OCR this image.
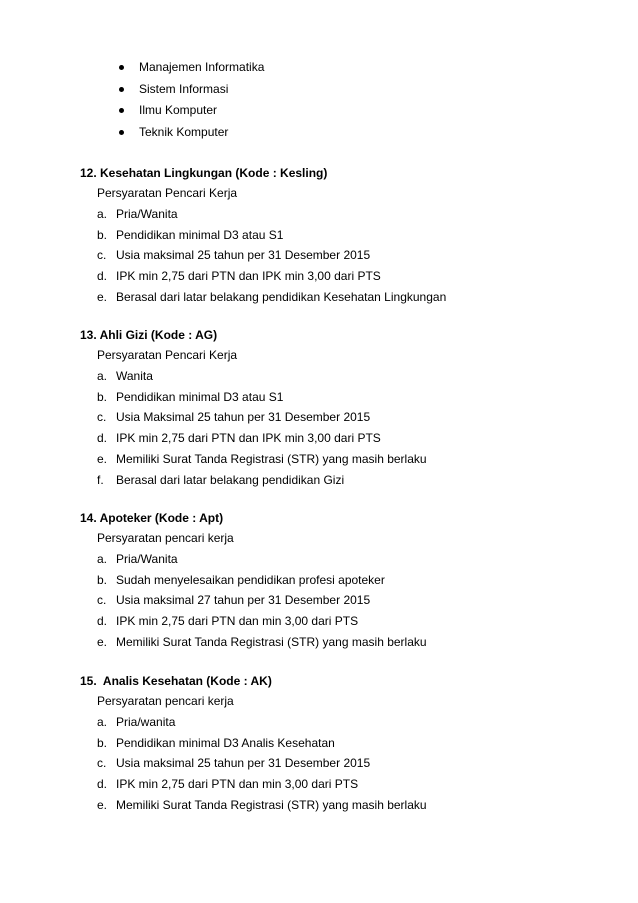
Manajemen Informatika
Sistem Informasi
Ilmu Komputer
Teknik Komputer
12. Kesehatan Lingkungan (Kode : Kesling)
Persyaratan Pencari Kerja
a. Pria/Wanita
b. Pendidikan minimal D3 atau S1
c. Usia maksimal 25 tahun per 31 Desember 2015
d. IPK min 2,75 dari PTN dan IPK min 3,00 dari PTS
e. Berasal dari latar belakang pendidikan Kesehatan Lingkungan
13. Ahli Gizi (Kode : AG)
Persyaratan Pencari Kerja
a. Wanita
b. Pendidikan minimal D3 atau S1
c. Usia Maksimal 25 tahun per 31 Desember 2015
d. IPK min 2,75 dari PTN dan IPK min 3,00 dari PTS
e. Memiliki Surat Tanda Registrasi (STR) yang masih berlaku
f. Berasal dari latar belakang pendidikan Gizi
14. Apoteker (Kode : Apt)
Persyaratan pencari kerja
a. Pria/Wanita
b. Sudah menyelesaikan pendidikan profesi apoteker
c. Usia maksimal 27 tahun per 31 Desember 2015
d. IPK min 2,75 dari PTN dan min 3,00 dari PTS
e. Memiliki Surat Tanda Registrasi (STR) yang masih berlaku
15.  Analis Kesehatan (Kode : AK)
Persyaratan pencari kerja
a. Pria/wanita
b. Pendidikan minimal D3 Analis Kesehatan
c. Usia maksimal 25 tahun per 31 Desember 2015
d. IPK min 2,75 dari PTN dan min 3,00 dari PTS
e. Memiliki Surat Tanda Registrasi (STR) yang masih berlaku
